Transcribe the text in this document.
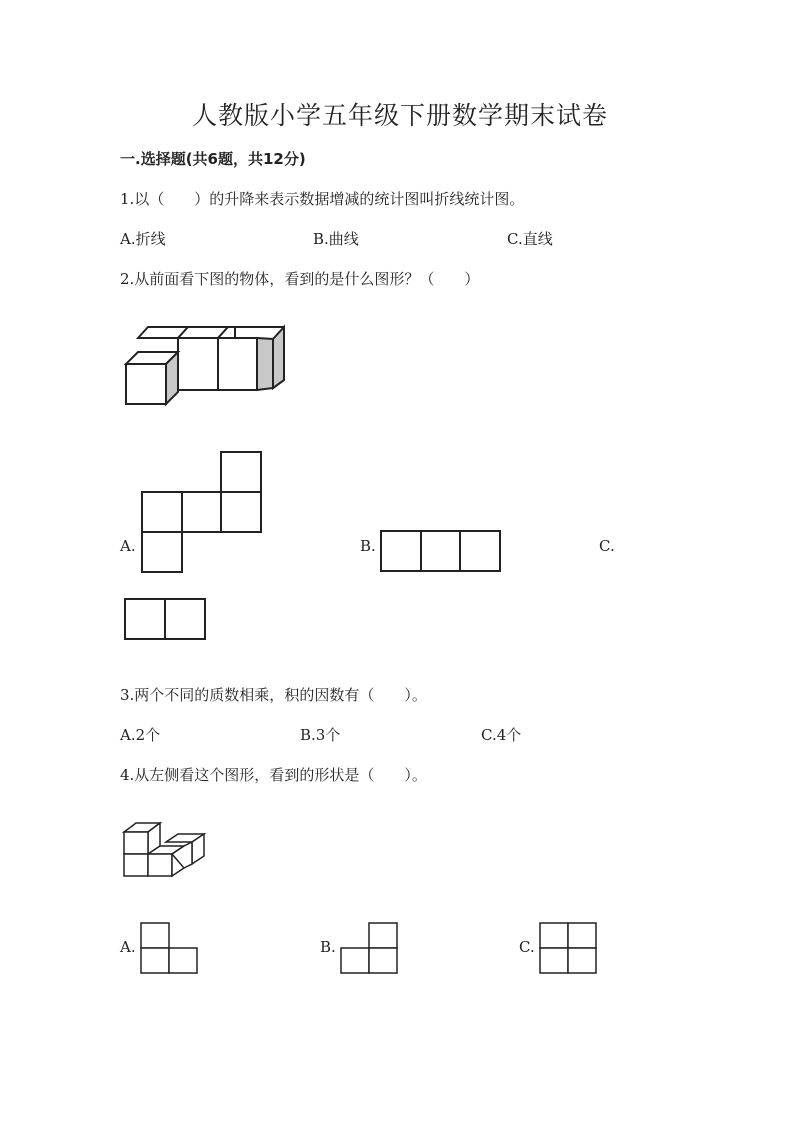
人教版小学五年级下册数学期末试卷
一.选择题(共6题，共12分)
1.以（　　）的升降来表示数据增减的统计图叫折线统计图。
A.折线	B.曲线	C.直线
2.从前面看下图的物体，看到的是什么图形？（　　）
A.	B.	C.
3.两个不同的质数相乘，积的因数有（　　）。
A.2个	B.3个	C.4个
4.从左侧看这个图形，看到的形状是（　　）。
A.	B.	C.
